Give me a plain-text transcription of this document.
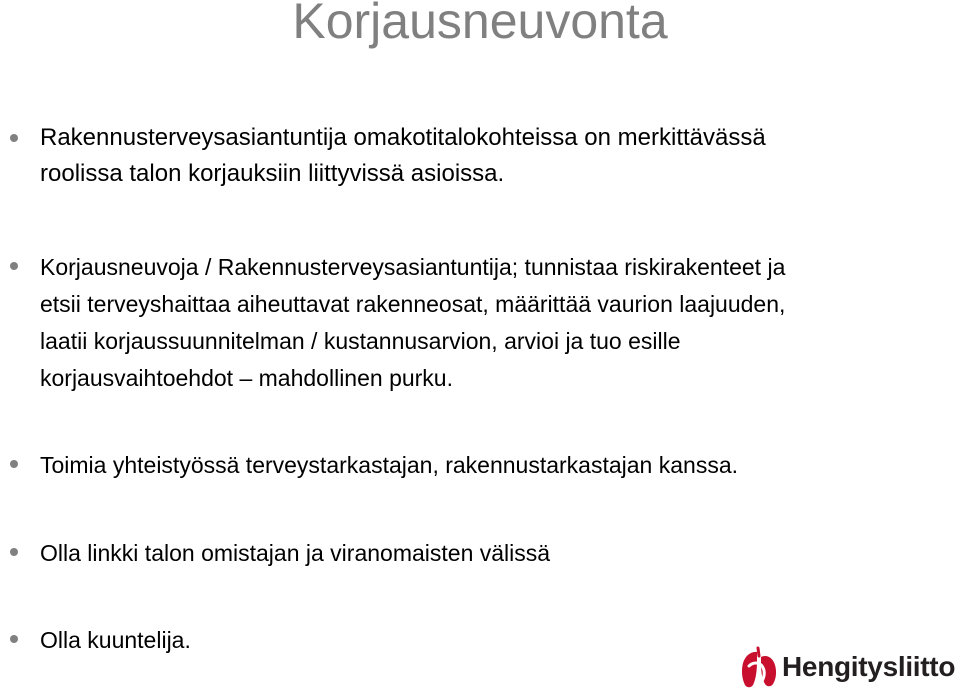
Korjausneuvonta
Rakennusterveysasiantuntija omakotitalokohteissa on merkittävässä
roolissa talon korjauksiin liittyvissä asioissa.
Korjausneuvoja / Rakennusterveysasiantuntija; tunnistaa riskirakenteet ja
etsii terveyshaittaa aiheuttavat rakenneosat, määrittää vaurion laajuuden,
laatii korjaussuunnitelman / kustannusarvion, arvioi ja tuo esille
korjausvaihtoehdot – mahdollinen purku.
Toimia yhteistyössä terveystarkastajan, rakennustarkastajan kanssa.
Olla linkki talon omistajan ja viranomaisten välissä
Olla kuuntelija.
Hengitysliitto
